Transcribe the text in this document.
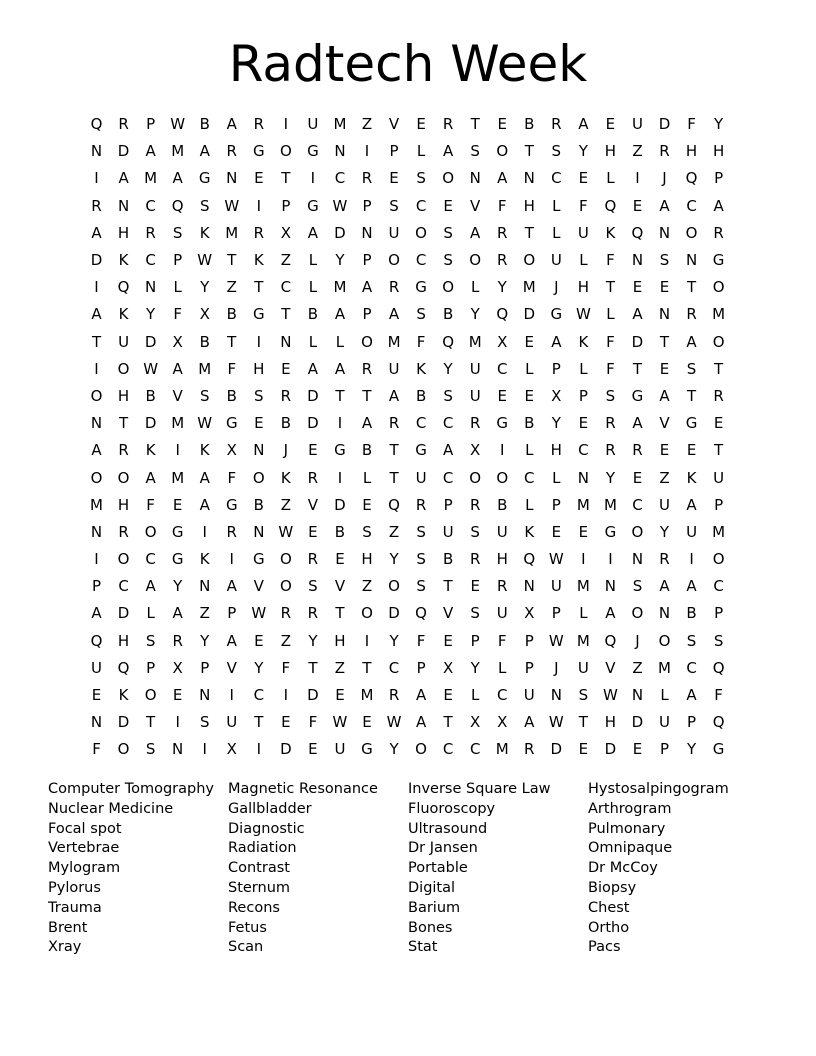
Radtech Week
Q	R	P	W B	A	R	I	U	M	Z	V	E	R	T	E	B	R	A	E	U	D	F	Y
N	D	A	M	A	R	G	O	G	N	I	P	L	A	S	O	T	S	Y	H	Z	R	H	H
I	A	M	A	G	N	E	T	I	C	R	E	S	O	N	A	N	C	E	L	I	J	Q	P
R	N	C	Q	S W	I	P	G W	P	S	C	E	V	F	H	L	F	Q	E	A	C	A
A	H	R	S	K	M	R	X	A	D	N	U	O	S	A	R	T	L	U	K	Q	N	O	R
D	K	C	P	W	T	K	Z	L	Y	P	O	C	S	O	R	O	U	L	F	N	S	N	G
I	Q	N	L	Y	Z	T	C	L	M	A	R	G	O	L	Y	M	J	H	T	E	E	T	O
A	K	Y	F	X	B	G	T	B	A	P	A	S	B	Y	Q	D	G W	L	A	N	R	M
T	U	D	X	B	T	I	N	L	L	O M	F	Q M	X	E	A	K	F	D	T	A	O
I	O W A	M	F	H	E	A	A	R	U	K	Y	U	C	L	P	L	F	T	E	S	T
O	H	B	V	S	B	S	R	D	T	T	A	B	S	U	E	E	X	P	S	G	A	T	R
N	T	D M W G	E	B	D	I	A	R	C	C	R	G	B	Y	E	R	A	V	G	E
A	R	K	I	K	X	N	J	E	G	B	T	G	A	X	I	L	H	C	R	R	E	E	T
O	O	A	M	A	F	O	K	R	I	L	T	U	C	O	O	C	L	N	Y	E	Z	K	U
M H	F	E	A	G	B	Z	V	D	E	Q	R	P	R	B	L	P	M M	C	U	A	P
N	R	O	G	I	R	N W E	B	S	Z	S	U	S	U	K	E	E	G	O	Y	U	M
I	O	C	G	K	I	G	O	R	E	H	Y	S	B	R	H	Q W	I	I	N	R	I	O
P	C	A	Y	N	A	V	O	S	V	Z	O	S	T	E	R	N	U	M N	S	A	A	C
A	D	L	A	Z	P	W R	R	T	O	D	Q	V	S	U	X	P	L	A	O	N	B	P
Q	H	S	R	Y	A	E	Z	Y	H	I	Y	F	E	P	F	P	W M Q	J	O	S	S
U	Q	P	X	P	V	Y	F	T	Z	T	C	P	X	Y	L	P	J	U	V	Z	M	C	Q
E	K	O	E	N	I	C	I	D	E	M	R	A	E	L	C	U	N	S W N	L	A	F
N	D	T	I	S	U	T	E	F	W E W A	T	X	X	A W	T	H	D	U	P	Q
F	O	S	N	I	X	I	D	E	U	G	Y	O	C	C	M	R	D	E	D	E	P	Y	G
Computer Tomography
Nuclear Medicine
Focal spot
Vertebrae
Mylogram
Pylorus
Trauma
Brent
Xray
Magnetic Resonance
Gallbladder
Diagnostic
Radiation
Contrast
Sternum
Recons
Fetus
Scan
Inverse Square Law
Fluoroscopy
Ultrasound
Dr Jansen
Portable
Digital
Barium
Bones
Stat
Hystosalpingogram
Arthrogram
Pulmonary
Omnipaque
Dr McCoy
Biopsy
Chest
Ortho
Pacs
